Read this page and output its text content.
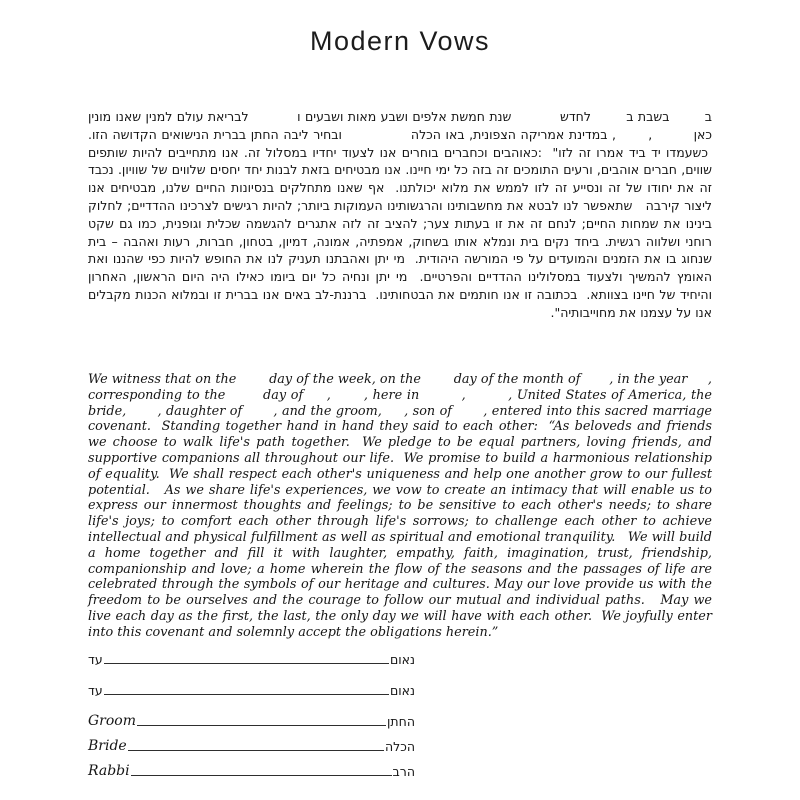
Modern Vows

ב        בשבת ב        לחדש           שנת חמשת אלפים ושבע מאות ושבעים ו           לבריאת עולם למנין שאנו מונין כאן         ,       , במדינת אמריקה הצפונית, באו הכלה               ובחיר ליבה החתן בברית הנישואים הקדושה הזו.  כשעמדו יד ביד אמרו זה לזו"  :כאוהבים וכחברים בוחרים אנו לצעוד יחדיו במסלול זה. אנו מתחייבים להיות שותפים שווים, חברים אוהבים, ורעים התומכים זה בזה כל ימי חיינו. אנו מבטיחים בזאת לבנות יחד יחסים שלווים של שוויון. נכבד זה את יחודו של זה ונסייע זה לזו לממש את מלוא יכולתנו.  אף שאנו מתחלקים בנסיונות החיים שלנו, מבטיחים אנו ליצור קירבה   שתאפשר לנו לבטא את מחשבותינו והרגשותינו העמוקות ביותר; להיות רגישים לצרכינו ההדדיים; לחלוק בינינו את שמחות החיים; לנחם זה את זו בעתות צער; להציב זה לזה אתגרים להגשמה שכלית וגופנית, כמו גם שקט רוחני ושלווה רגשית. ביחד נקים בית ונמלא אותו בשחוק, אמפתיה, אמונה, דמיון, בטחון, חברות, רעות ואהבה – בית שנחוג בו את הזמנים והמועדים על פי המורשה היהודית.  מי יתן ואהבתנו תעניק לנו את החופש להיות כפי שהננו ואת האומץ להמשיך ולצעוד במסלולינו ההדדיים והפרטיים.  מי יתן ונחיה כל יום ביומו כאילו היה היום הראשון, האחרון והיחיד של חיינו בצוותא.  בכתובה זו אנו חותמים את הבטחותינו.  ברננת-לב באים אנו בברית זו ובמלוא הכנות מקבלים אנו על עצמנו את מחוייבותיה".

We witness that on the        day of the week, on the        day of the month of       , in the year     , corresponding to the        day of     ,       , here in         ,         , United States of America, the bride,       , daughter of       , and the groom,     , son of       , entered into this sacred marriage covenant.  Standing together hand in hand they said to each other:  “As beloveds and friends we choose to walk life's path together.  We pledge to be equal partners, loving friends, and supportive companions all throughout our life.  We promise to build a harmonious relationship of equality.  We shall respect each other's uniqueness and help one another grow to our fullest potential.   As we share life's experiences, we vow to create an intimacy that will enable us to express our innermost thoughts and feelings; to be sensitive to each other's needs; to share life's joys; to comfort each other through life's sorrows; to challenge each other to achieve intellectual and physical fulfillment as well as spiritual and emotional tranquility.   We will build a home together and fill it with laughter, empathy, faith, imagination, trust, friendship, companionship and love; a home wherein the flow of the seasons and the passages of life are celebrated through the symbols of our heritage and cultures. May our love provide us with the freedom to be ourselves and the courage to follow our mutual and individual paths.   May we live each day as the first, the last, the only day we will have with each other.  We joyfully enter into this covenant and solemnly accept the obligations herein.”

עד	נאום
עד	נאום
Groom	החתן
Bride	הכלה
Rabbi	הרב
